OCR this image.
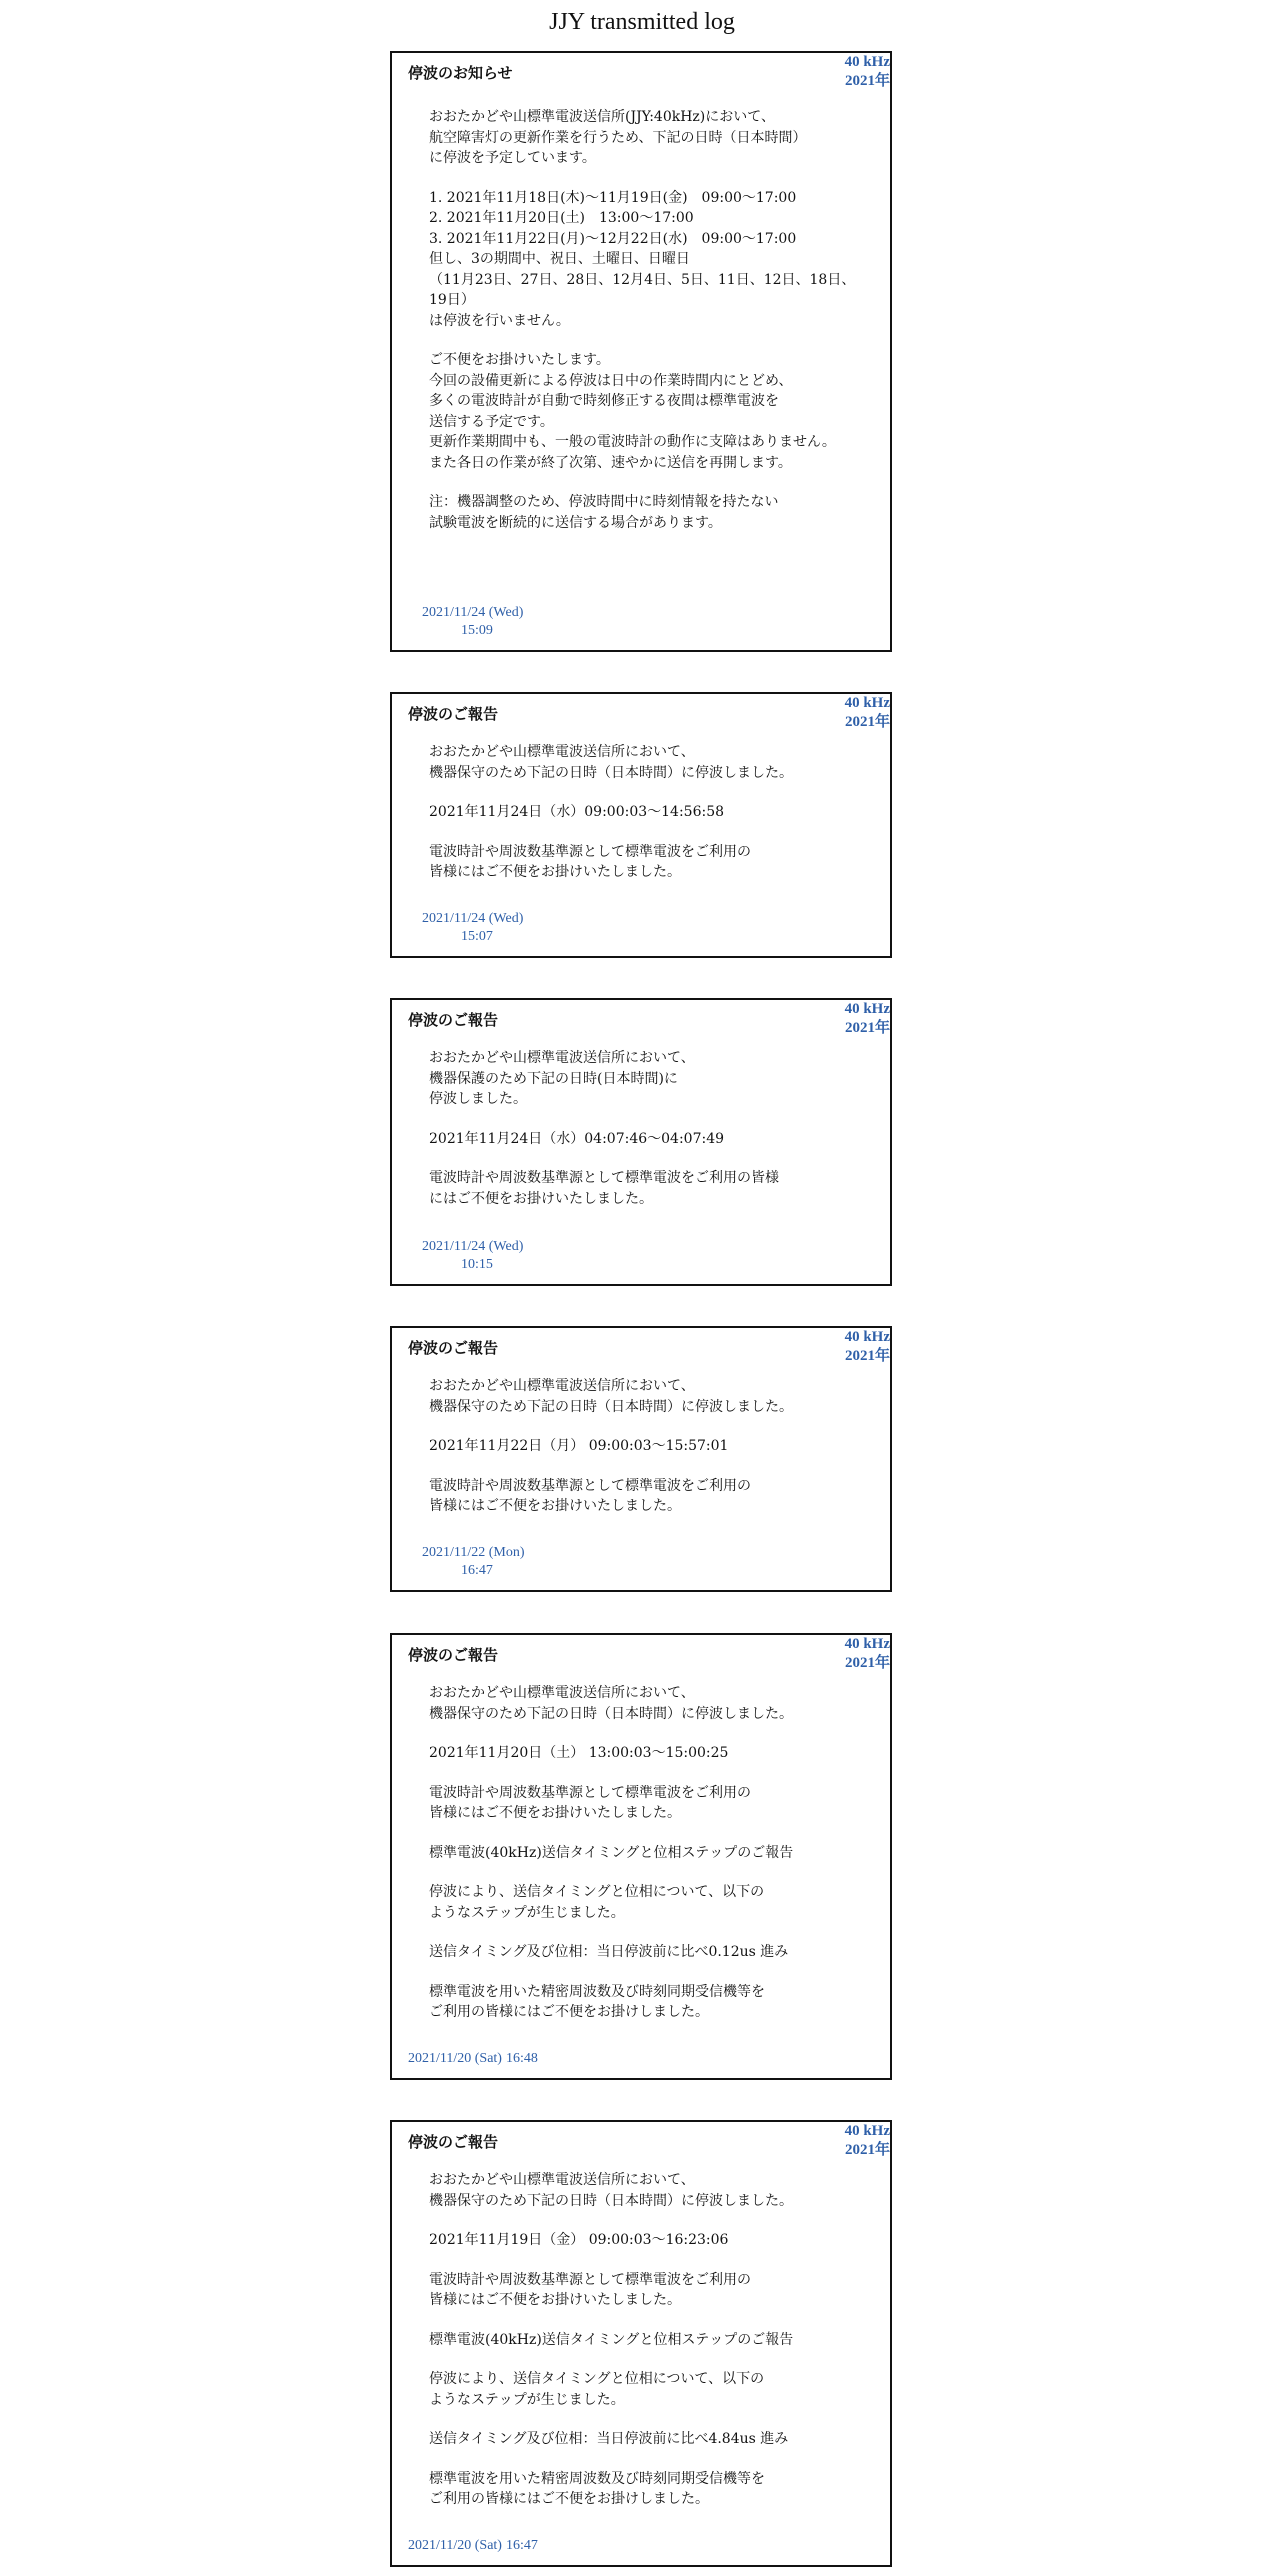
JJY transmitted log
40 kHz
2021年
停波のお知らせ

おおたかどや山標準電波送信所(JJY:40kHz)において、
航空障害灯の更新作業を行うため、下記の日時（日本時間）
に停波を予定しています。

1. 2021年11月18日(木)～11月19日(金)　09:00～17:00
2. 2021年11月20日(土)　13:00～17:00
3. 2021年11月22日(月)～12月22日(水)　09:00～17:00
但し、3の期間中、祝日、土曜日、日曜日
（11月23日、27日、28日、12月4日、5日、11日、12日、18日、19日）
は停波を行いません。

ご不便をお掛けいたします。
今回の設備更新による停波は日中の作業時間内にとどめ、
多くの電波時計が自動で時刻修正する夜間は標準電波を
送信する予定です。
更新作業期間中も、一般の電波時計の動作に支障はありません。
また各日の作業が終了次第、速やかに送信を再開します。

注：機器調整のため、停波時間中に時刻情報を持たない
試験電波を断続的に送信する場合があります。

2021/11/24 (Wed)
15:09
40 kHz
2021年
停波のご報告

おおたかどや山標準電波送信所において、
機器保守のため下記の日時（日本時間）に停波しました。

2021年11月24日（水）09:00:03～14:56:58

電波時計や周波数基準源として標準電波をご利用の
皆様にはご不便をお掛けいたしました。

2021/11/24 (Wed)
15:07
40 kHz
2021年
停波のご報告

おおたかどや山標準電波送信所において、
機器保護のため下記の日時(日本時間)に
停波しました。

2021年11月24日（水）04:07:46～04:07:49

電波時計や周波数基準源として標準電波をご利用の皆様
にはご不便をお掛けいたしました。

2021/11/24 (Wed)
10:15
40 kHz
2021年
停波のご報告

おおたかどや山標準電波送信所において、
機器保守のため下記の日時（日本時間）に停波しました。

2021年11月22日（月） 09:00:03～15:57:01

電波時計や周波数基準源として標準電波をご利用の
皆様にはご不便をお掛けいたしました。

2021/11/22 (Mon)
16:47
40 kHz
2021年
停波のご報告

おおたかどや山標準電波送信所において、
機器保守のため下記の日時（日本時間）に停波しました。

2021年11月20日（土） 13:00:03～15:00:25

電波時計や周波数基準源として標準電波をご利用の
皆様にはご不便をお掛けいたしました。

標準電波(40kHz)送信タイミングと位相ステップのご報告

停波により、送信タイミングと位相について、以下の
ようなステップが生じました。

送信タイミング及び位相：当日停波前に比べ0.12us 進み

標準電波を用いた精密周波数及び時刻同期受信機等を
ご利用の皆様にはご不便をお掛けしました。

2021/11/20 (Sat) 16:48
40 kHz
2021年
停波のご報告

おおたかどや山標準電波送信所において、
機器保守のため下記の日時（日本時間）に停波しました。

2021年11月19日（金） 09:00:03～16:23:06

電波時計や周波数基準源として標準電波をご利用の
皆様にはご不便をお掛けいたしました。

標準電波(40kHz)送信タイミングと位相ステップのご報告

停波により、送信タイミングと位相について、以下の
ようなステップが生じました。

送信タイミング及び位相：当日停波前に比べ4.84us 進み

標準電波を用いた精密周波数及び時刻同期受信機等を
ご利用の皆様にはご不便をお掛けしました。

2021/11/20 (Sat) 16:47
